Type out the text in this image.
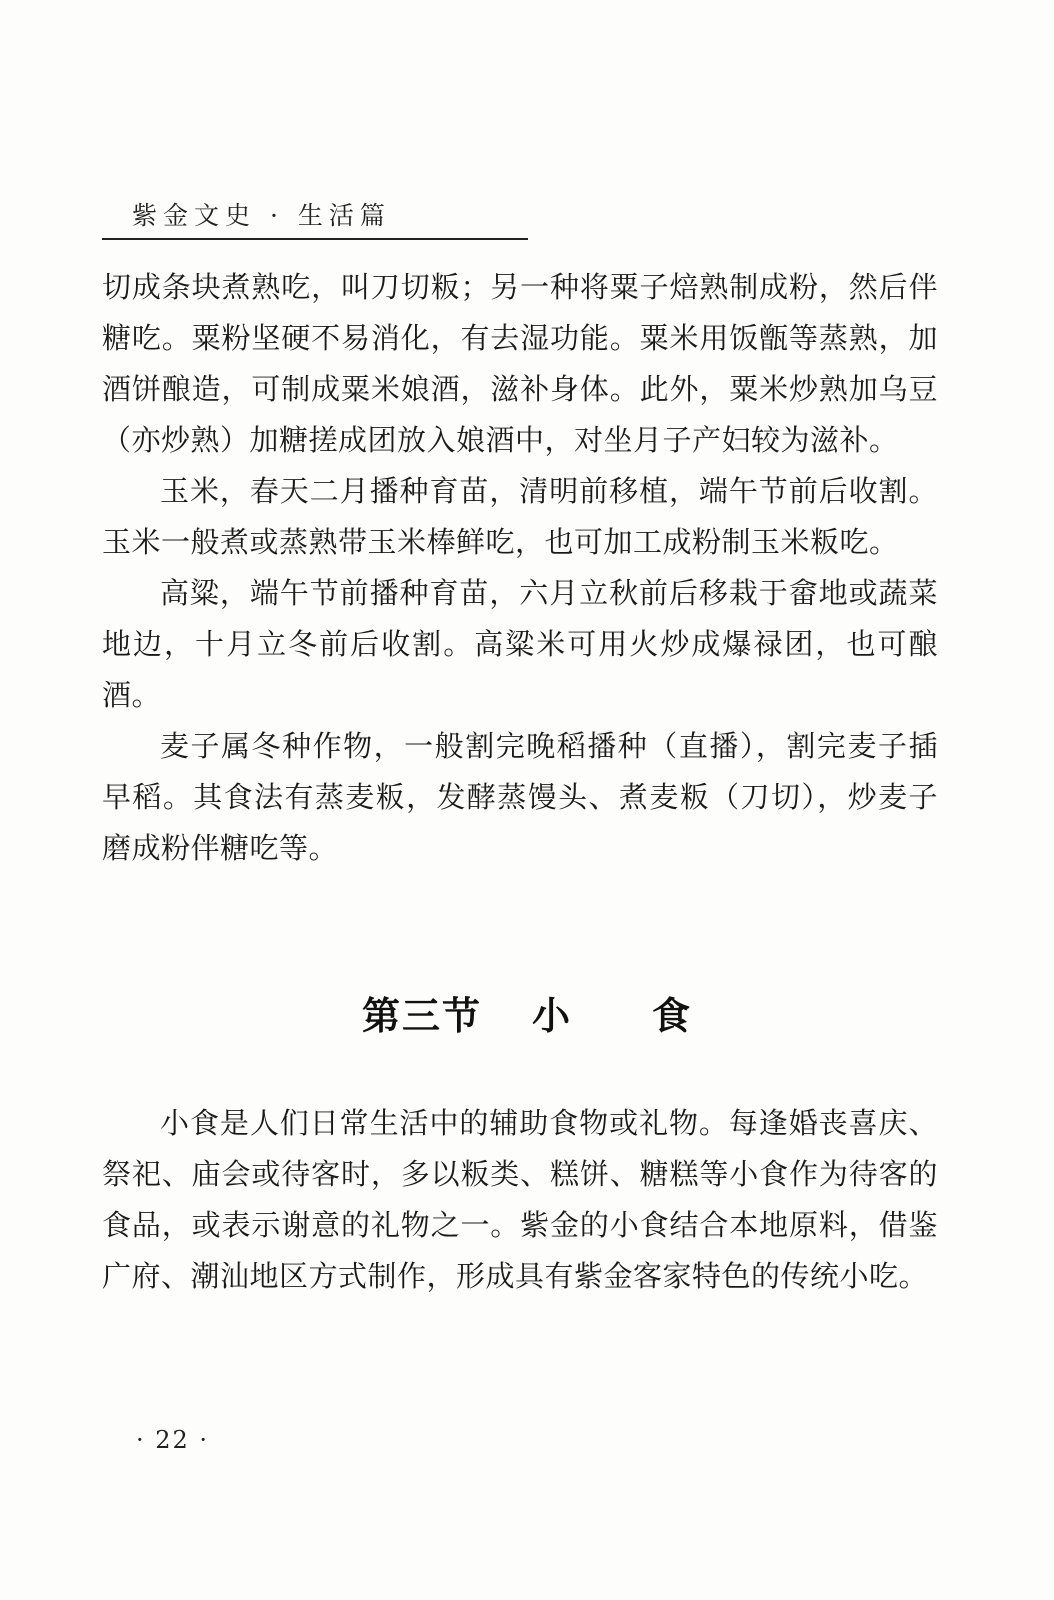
紫金文史 · 生活篇

切成条块煮熟吃，叫刀切粄；另一种将粟子焙熟制成粉，然后伴糖吃。粟粉坚硬不易消化，有去湿功能。粟米用饭甑等蒸熟，加酒饼酿造，可制成粟米娘酒，滋补身体。此外，粟米炒熟加乌豆（亦炒熟）加糖搓成团放入娘酒中，对坐月子产妇较为滋补。

玉米，春天二月播种育苗，清明前移植，端午节前后收割。玉米一般煮或蒸熟带玉米棒鲜吃，也可加工成粉制玉米粄吃。

高粱，端午节前播种育苗，六月立秋前后移栽于畲地或蔬菜地边，十月立冬前后收割。高粱米可用火炒成爆禄团，也可酿酒。

麦子属冬种作物，一般割完晚稻播种（直播），割完麦子插早稻。其食法有蒸麦粄，发酵蒸馒头、煮麦粄（刀切），炒麦子磨成粉伴糖吃等。

第三节 小 食

小食是人们日常生活中的辅助食物或礼物。每逢婚丧喜庆、祭祀、庙会或待客时，多以粄类、糕饼、糖糕等小食作为待客的食品，或表示谢意的礼物之一。紫金的小食结合本地原料，借鉴广府、潮汕地区方式制作，形成具有紫金客家特色的传统小吃。

· 22 ·
